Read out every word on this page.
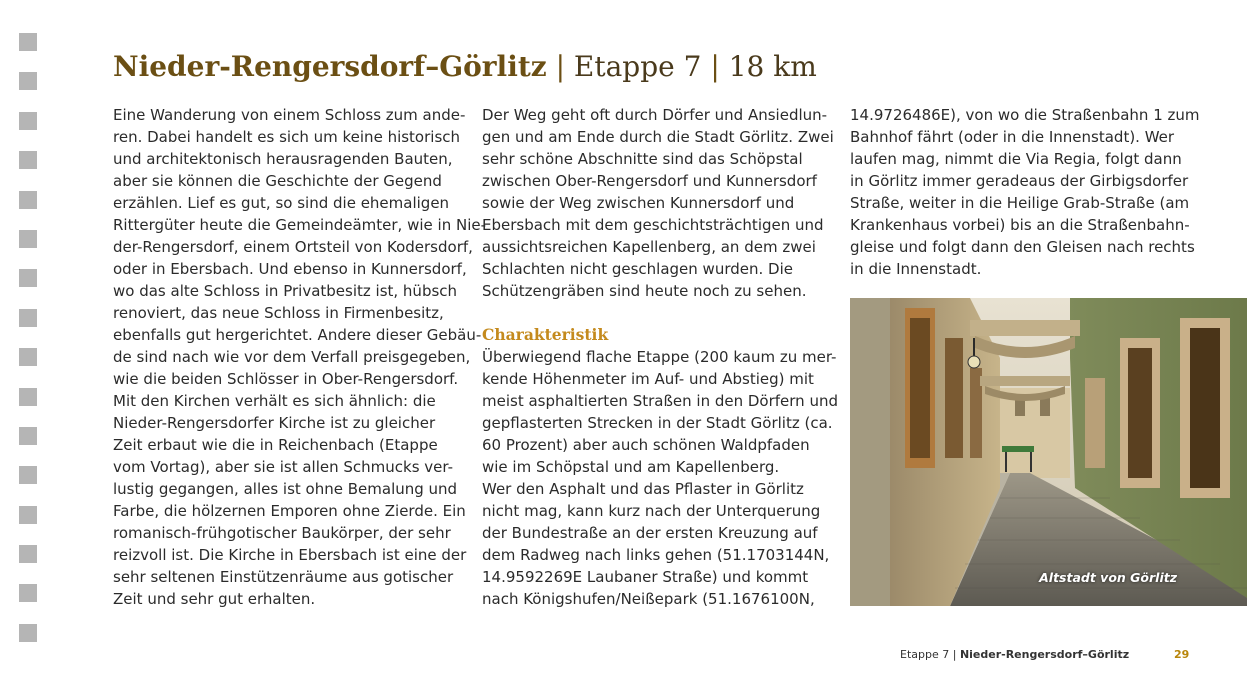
Nieder-Rengersdorf–Görlitz | Etappe 7 | 18 km

Eine Wanderung von einem Schloss zum ande-
ren. Dabei handelt es sich um keine historisch
und architektonisch herausragenden Bauten,
aber sie können die Geschichte der Gegend
erzählen. Lief es gut, so sind die ehemaligen
Rittergüter heute die Gemeindeämter, wie in Nie-
der-Rengersdorf, einem Ortsteil von Kodersdorf,
oder in Ebersbach. Und ebenso in Kunnersdorf,
wo das alte Schloss in Privatbesitz ist, hübsch
renoviert, das neue Schloss in Firmenbesitz,
ebenfalls gut hergerichtet. Andere dieser Gebäu-
de sind nach wie vor dem Verfall preisgegeben,
wie die beiden Schlösser in Ober-Rengersdorf.
Mit den Kirchen verhält es sich ähnlich: die
Nieder-Rengersdorfer Kirche ist zu gleicher
Zeit erbaut wie die in Reichenbach (Etappe
vom Vortag), aber sie ist allen Schmucks ver-
lustig gegangen, alles ist ohne Bemalung und
Farbe, die hölzernen Emporen ohne Zierde. Ein
romanisch-frühgotischer Baukörper, der sehr
reizvoll ist. Die Kirche in Ebersbach ist eine der
sehr seltenen Einstützenräume aus gotischer
Zeit und sehr gut erhalten.

Der Weg geht oft durch Dörfer und Ansiedlun-
gen und am Ende durch die Stadt Görlitz. Zwei
sehr schöne Abschnitte sind das Schöpstal
zwischen Ober-Rengersdorf und Kunnersdorf
sowie der Weg zwischen Kunnersdorf und
Ebersbach mit dem geschichtsträchtigen und
aussichtsreichen Kapellenberg, an dem zwei
Schlachten nicht geschlagen wurden. Die
Schützengräben sind heute noch zu sehen.

Charakteristik

Überwiegend flache Etappe (200 kaum zu mer-
kende Höhenmeter im Auf- und Abstieg) mit
meist asphaltierten Straßen in den Dörfern und
gepflasterten Strecken in der Stadt Görlitz (ca.
60 Prozent) aber auch schönen Waldpfaden
wie im Schöpstal und am Kapellenberg.
Wer den Asphalt und das Pflaster in Görlitz
nicht mag, kann kurz nach der Unterquerung
der Bundestraße an der ersten Kreuzung auf
dem Radweg nach links gehen (51.1703144N,
14.9592269E Laubaner Straße) und kommt
nach Königshufen/Neißepark (51.1676100N,

14.9726486E), von wo die Straßenbahn 1 zum
Bahnhof fährt (oder in die Innenstadt). Wer
laufen mag, nimmt die Via Regia, folgt dann
in Görlitz immer geradeaus der Girbigsdorfer
Straße, weiter in die Heilige Grab-Straße (am
Krankenhaus vorbei) bis an die Straßenbahn-
gleise und folgt dann den Gleisen nach rechts
in die Innenstadt.

Altstadt von Görlitz
Etappe 7 | Nieder-Rengersdorf–Görlitz	29
